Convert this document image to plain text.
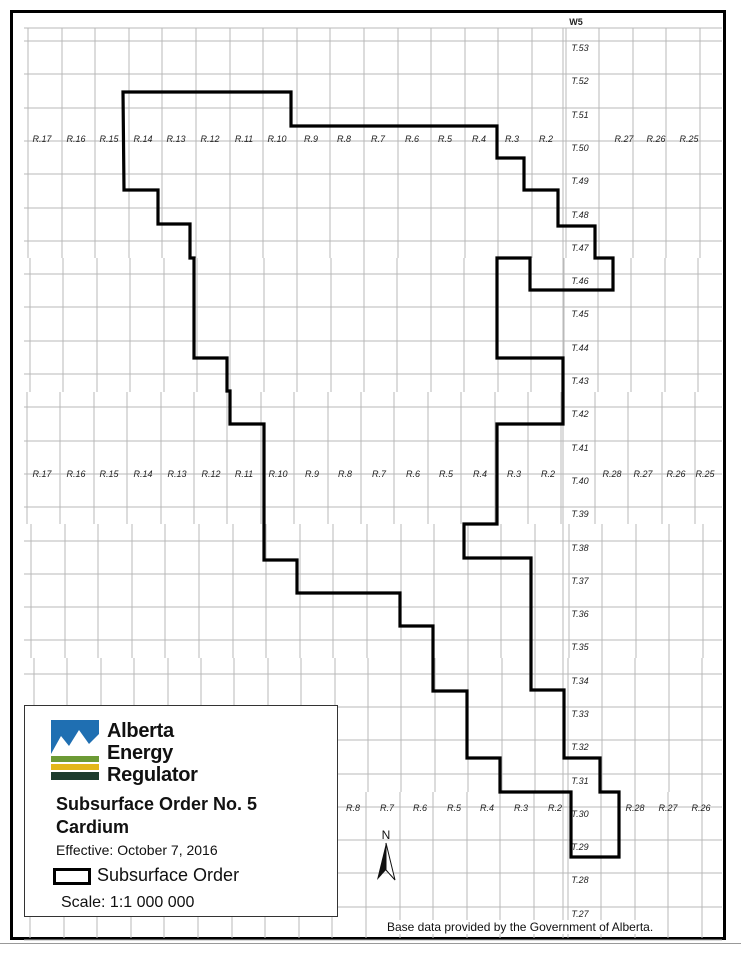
W5
T.53
T.52
T.51
T.50
T.49
T.48
T.47
T.46
T.45
T.44
T.43
T.42
T.41
T.40
T.39
T.38
T.37
T.36
T.35
T.34
T.33
T.32
T.31
T.30
T.29
T.28
T.27
R.17 R.16 R.15 R.14 R.13 R.12 R.11 R.10 R.9 R.8 R.7 R.6 R.5 R.4 R.3 R.2	R.27 R.26 R.25
R.17 R.16 R.15 R.14 R.13 R.12 R.11 R.10 R.9 R.8 R.7 R.6 R.5 R.4 R.3 R.2	R.28 R.27 R.26 R.25
R.8 R.7 R.6 R.5 R.4 R.3 R.2	R.28 R.27 R.26
Alberta
Energy
Regulator
Subsurface Order No. 5
Cardium
Effective: October 7, 2016
Subsurface Order
Scale: 1:1 000 000
N
Base data provided by the Government of Alberta.
